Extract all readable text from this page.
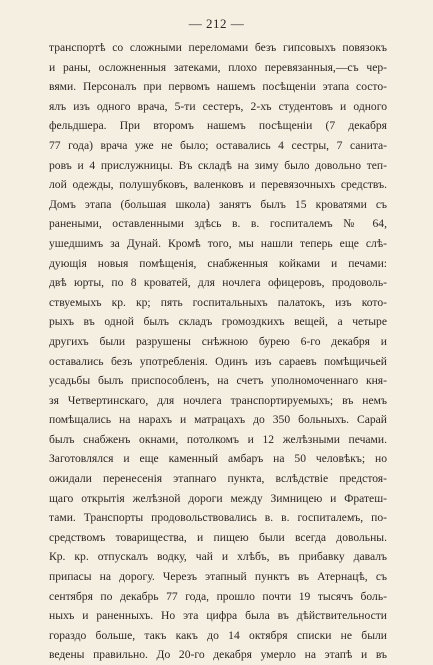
— 212 —
транспортѣ со сложными переломами безъ гипсовыхъ повязокъ
и раны, осложненныя затеками, плохо перевязанныя,—съ чер-
вями. Персоналъ при первомъ нашемъ посѣщеніи этапа состо-
ялъ изъ одного врача, 5-ти сестеръ, 2-хъ студентовъ и одного
фельдшера. При второмъ нашемъ посѣщеніи (7 декабря
77 года) врача уже не было; оставались 4 сестры, 7 санита-
ровъ и 4 прислужницы. Въ складѣ на зиму было довольно теп-
лой одежды, полушубковъ, валенковъ и перевязочныхъ средствъ.
Домъ этапа (большая школа) занятъ былъ 15 кроватями съ
ранеными, оставленными здѣсь в. в. госпиталемъ № 64,
ушедшимъ за Дунай. Кромѣ того, мы нашли теперь еще слѣ-
дующія новыя помѣщенія, снабженныя койками и печами:
двѣ юрты, по 8 кроватей, для ночлега офицеровъ, продоволь-
ствуемыхъ кр. кр; пять госпитальныхъ палатокъ, изъ кото-
рыхъ въ одной былъ складъ громоздкихъ вещей, а четыре
другихъ были разрушены снѣжною бурею 6-го декабря и
оставались безъ употребленія. Одинъ изъ сараевъ помѣщичьей
усадьбы былъ приспособленъ, на счетъ уполномоченнаго кня-
зя Четвертинскаго, для ночлега транспортируемыхъ; въ немъ
помѣщались на нарахъ и матрацахъ до 350 больныхъ. Сарай
былъ снабженъ окнами, потолкомъ и 12 желѣзными печами.
Заготовлялся и еще каменный амбаръ на 50 человѣкъ; но
ожидали перенесенія этапнаго пункта, вслѣдствіе предстоя-
щаго открытія желѣзной дороги между Зимницею и Фратеш-
тами. Транспорты продовольствовались в. в. госпиталемъ, по-
средствомъ товарищества, и пищею были всегда довольны.
Кр. кр. отпускалъ водку, чай и хлѣбъ, въ прибавку давалъ
припасы на дорогу. Черезъ этапный пунктъ въ Атернацѣ, съ
сентября по декабрь 77 года, прошло почти 19 тысячъ боль-
ныхъ и раненныхъ. Но эта цифра была въ дѣйствительности
гораздо больше, такъ какъ до 14 октября списки не были
ведены правильно. До 20-го декабря умерло на этапѣ и въ
